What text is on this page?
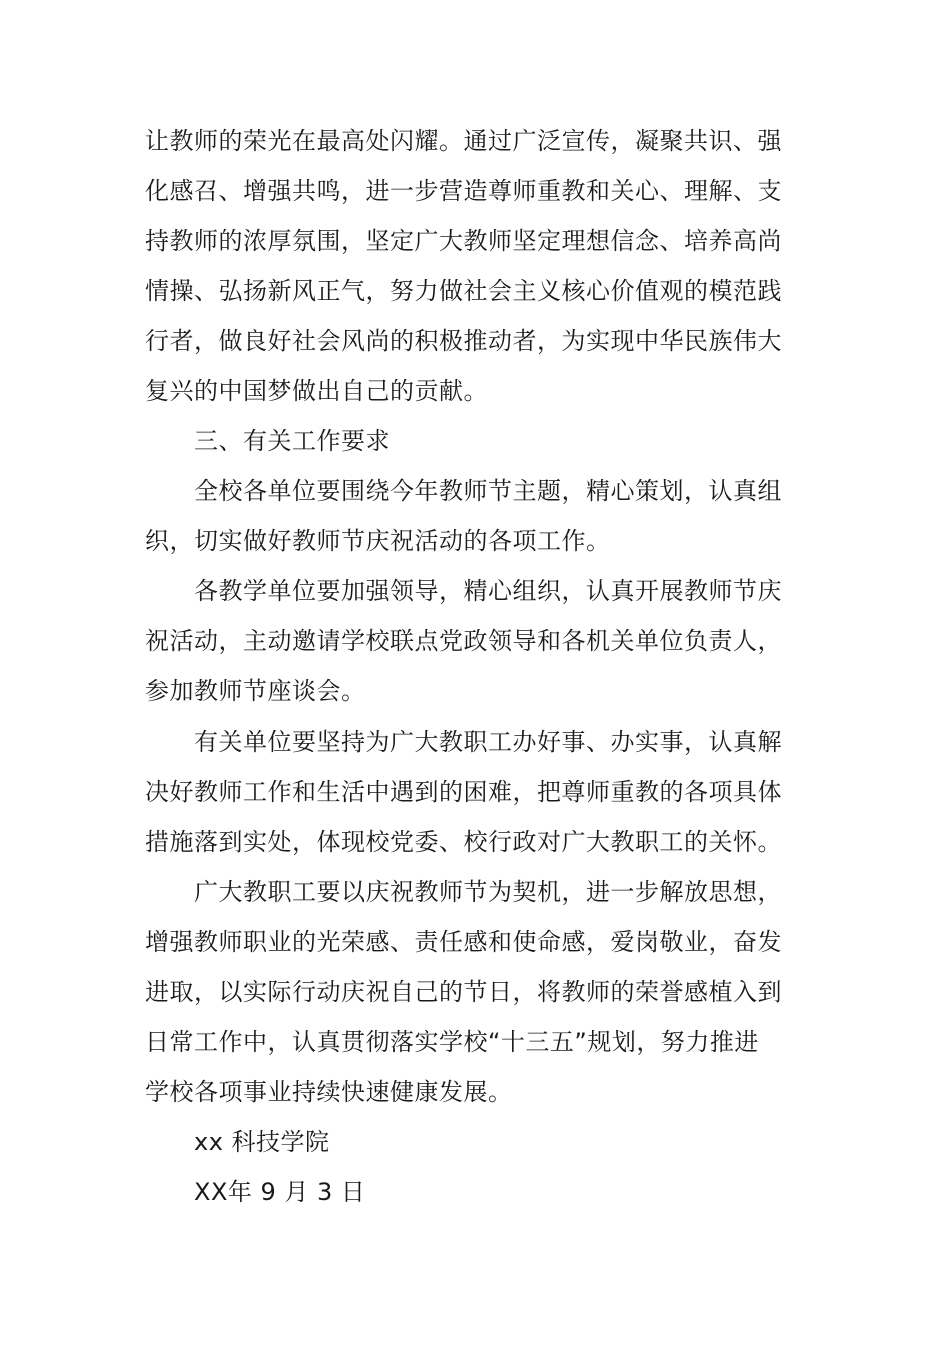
让教师的荣光在最高处闪耀。通过广泛宣传，凝聚共识、强
化感召、增强共鸣，进一步营造尊师重教和关心、理解、支
持教师的浓厚氛围，坚定广大教师坚定理想信念、培养高尚
情操、弘扬新风正气，努力做社会主义核心价值观的模范践
行者，做良好社会风尚的积极推动者，为实现中华民族伟大
复兴的中国梦做出自己的贡献。
三、有关工作要求
全校各单位要围绕今年教师节主题，精心策划，认真组
织，切实做好教师节庆祝活动的各项工作。
各教学单位要加强领导，精心组织，认真开展教师节庆
祝活动，主动邀请学校联点党政领导和各机关单位负责人，
参加教师节座谈会。
有关单位要坚持为广大教职工办好事、办实事，认真解
决好教师工作和生活中遇到的困难，把尊师重教的各项具体
措施落到实处，体现校党委、校行政对广大教职工的关怀。
广大教职工要以庆祝教师节为契机，进一步解放思想，
增强教师职业的光荣感、责任感和使命感，爱岗敬业，奋发
进取，以实际行动庆祝自己的节日，将教师的荣誉感植入到
日常工作中，认真贯彻落实学校“十三五”规划，努力推进
学校各项事业持续快速健康发展。
xx 科技学院
XX年 9 月 3 日
